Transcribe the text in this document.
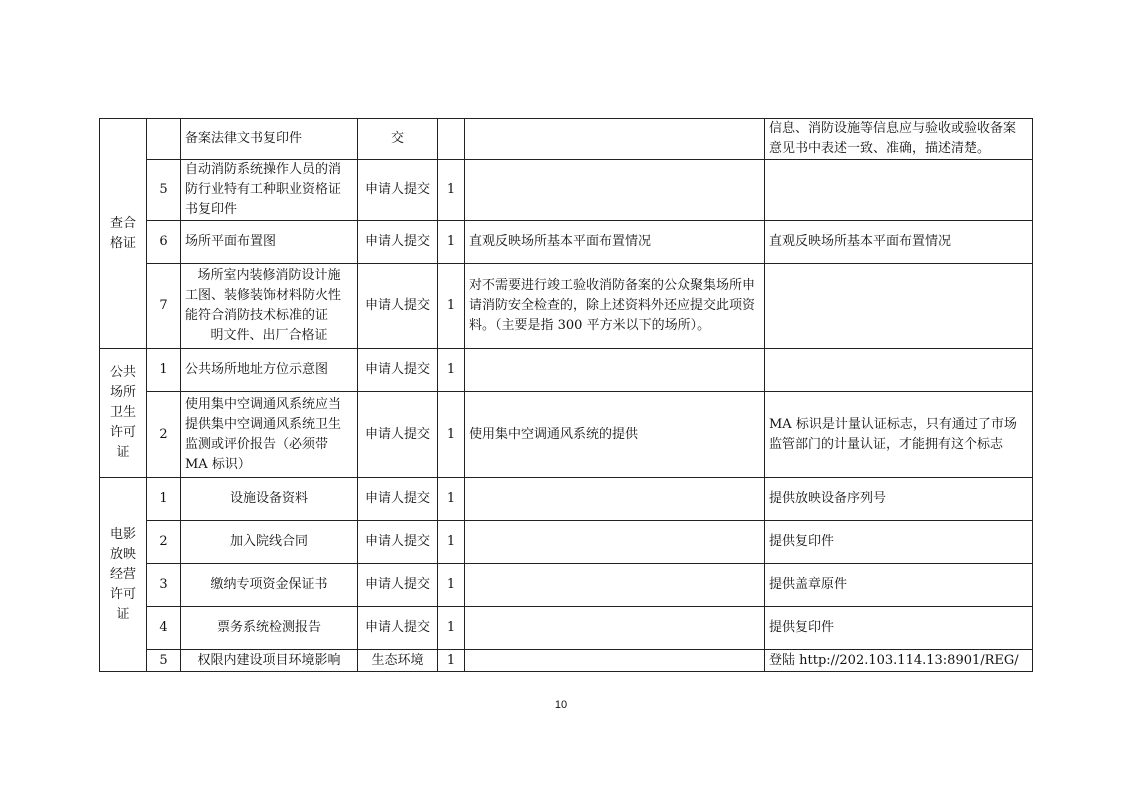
查合格证		备案法律文书复印件	交			信息、消防设施等信息应与验收或验收备案意见书中表述一致、准确，描述清楚。
	5	自动消防系统操作人员的消防行业特有工种职业资格证书复印件	申请人提交	1		
	6	场所平面布置图	申请人提交	1	直观反映场所基本平面布置情况	直观反映场所基本平面布置情况
	7	场所室内装修消防设计施
工图、装修装饰材料防火性
能符合消防技术标准的证
明文件、出厂合格证	申请人提交	1	对不需要进行竣工验收消防备案的公众聚集场所申请消防安全检查的，除上述资料外还应提交此项资料。（主要是指 300 平方米以下的场所）。	
公共场所卫生许可证	1	公共场所地址方位示意图	申请人提交	1		
	2	使用集中空调通风系统应当提供集中空调通风系统卫生监测或评价报告（必须带 MA 标识）	申请人提交	1	使用集中空调通风系统的提供	MA 标识是计量认证标志，只有通过了市场监管部门的计量认证，才能拥有这个标志
电影放映经营许可证	1	设施设备资料	申请人提交	1		提供放映设备序列号
	2	加入院线合同	申请人提交	1		提供复印件
	3	缴纳专项资金保证书	申请人提交	1		提供盖章原件
	4	票务系统检测报告	申请人提交	1		提供复印件
	5	权限内建设项目环境影响	生态环境	1		登陆 http://202.103.114.13:8901/REG/
10
